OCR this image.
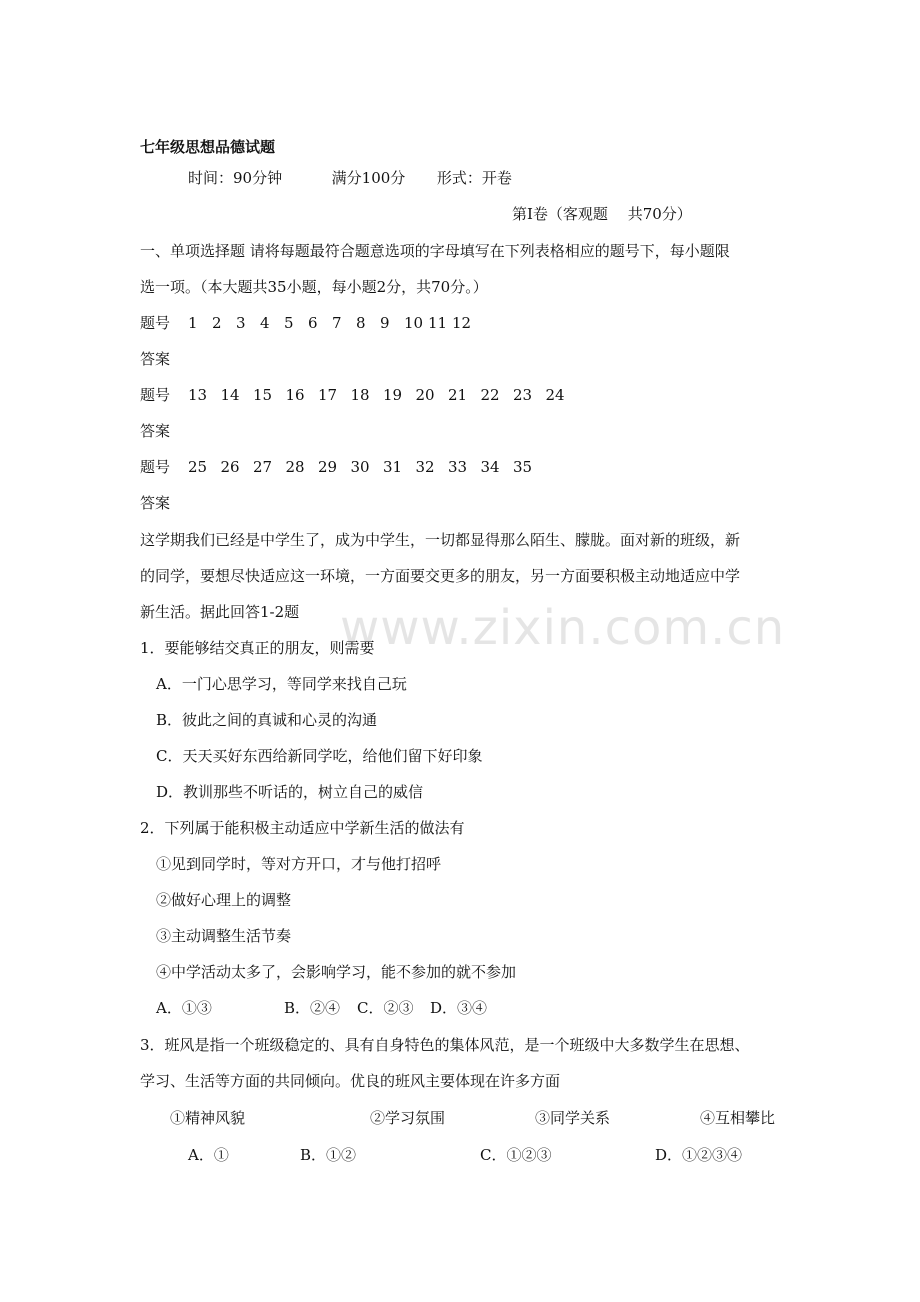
七年级思想品德试题
时间：90分钟	满分100分 形式：开卷
第Ⅰ卷（客观题　 共70分）
一、单项选择题 请将每题最符合题意选项的字母填写在下列表格相应的题号下，每小题限
选一项。（本大题共35小题，每小题2分，共70分。）
题号 1 2 3 4 5 6 7 8 9 10 11 12
答案
题号 13 14 15 16 17 18 19 20 21 22 23 24
答案
题号 25 26 27 28 29 30 31 32 33 34 35
答案
这学期我们已经是中学生了，成为中学生，一切都显得那么陌生、朦胧。面对新的班级，新
的同学，要想尽快适应这一环境，一方面要交更多的朋友，另一方面要积极主动地适应中学
新生活。据此回答1-2题 www.zixin.com.cn
1．要能够结交真正的朋友，则需要
A．一门心思学习，等同学来找自己玩
B．彼此之间的真诚和心灵的沟通
C．天天买好东西给新同学吃，给他们留下好印象
D．教训那些不听话的，树立自己的威信
2．下列属于能积极主动适应中学新生活的做法有
①见到同学时，等对方开口，才与他打招呼
②做好心理上的调整
③主动调整生活节奏
④中学活动太多了，会影响学习，能不参加的就不参加
A．①③	B．②④ C．②③ D．③④
3．班风是指一个班级稳定的、具有自身特色的集体风范，是一个班级中大多数学生在思想、
学习、生活等方面的共同倾向。优良的班风主要体现在许多方面
①精神风貌	②学习氛围	③同学关系	④互相攀比
A．①	B．①②	C．①②③	D．①②③④
